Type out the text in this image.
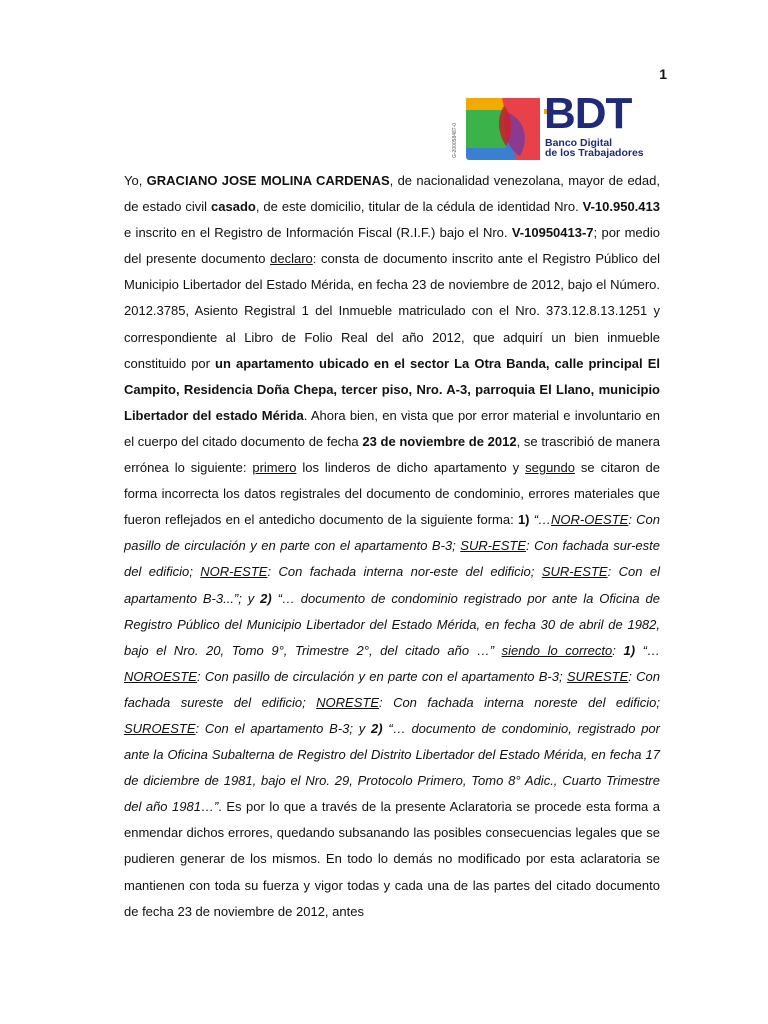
1
G-200058487-0
BDT
Banco Digital
de los Trabajadores

Yo, GRACIANO JOSE MOLINA CARDENAS, de nacionalidad venezolana, mayor de edad, de estado civil casado, de este domicilio, titular de la cédula de identidad Nro. V-10.950.413 e inscrito en el Registro de Información Fiscal (R.I.F.) bajo el Nro. V-10950413-7; por medio del presente documento declaro: consta de documento inscrito ante el Registro Público del Municipio Libertador del Estado Mérida, en fecha 23 de noviembre de 2012, bajo el Número. 2012.3785, Asiento Registral 1 del Inmueble matriculado con el Nro. 373.12.8.13.1251 y correspondiente al Libro de Folio Real del año 2012, que adquirí un bien inmueble constituido por un apartamento ubicado en el sector La Otra Banda, calle principal El Campito, Residencia Doña Chepa, tercer piso, Nro. A-3, parroquia El Llano, municipio Libertador del estado Mérida. Ahora bien, en vista que por error material e involuntario en el cuerpo del citado documento de fecha 23 de noviembre de 2012, se trascribió de manera errónea lo siguiente: primero los linderos de dicho apartamento y segundo se citaron de forma incorrecta los datos registrales del documento de condominio, errores materiales que fueron reflejados en el antedicho documento de la siguiente forma: 1) “…NOR-OESTE: Con pasillo de circulación y en parte con el apartamento B-3; SUR-ESTE: Con fachada sur-este del edificio; NOR-ESTE: Con fachada interna nor-este del edificio; SUR-ESTE: Con el apartamento B-3...”; y 2) “… documento de condominio registrado por ante la Oficina de Registro Público del Municipio Libertador del Estado Mérida, en fecha 30 de abril de 1982, bajo el Nro. 20, Tomo 9°, Trimestre 2°, del citado año …” siendo lo correcto: 1) “… NOROESTE: Con pasillo de circulación y en parte con el apartamento B-3; SURESTE: Con fachada sureste del edificio; NORESTE: Con fachada interna noreste del edificio; SUROESTE: Con el apartamento B-3; y 2) “… documento de condominio, registrado por ante la Oficina Subalterna de Registro del Distrito Libertador del Estado Mérida, en fecha 17 de diciembre de 1981, bajo el Nro. 29, Protocolo Primero, Tomo 8° Adic., Cuarto Trimestre del año 1981…”. Es por lo que a través de la presente Aclaratoria se procede esta forma a enmendar dichos errores, quedando subsanando las posibles consecuencias legales que se pudieren generar de los mismos. En todo lo demás no modificado por esta aclaratoria se mantienen con toda su fuerza y vigor todas y cada una de las partes del citado documento de fecha 23 de noviembre de 2012, antes
